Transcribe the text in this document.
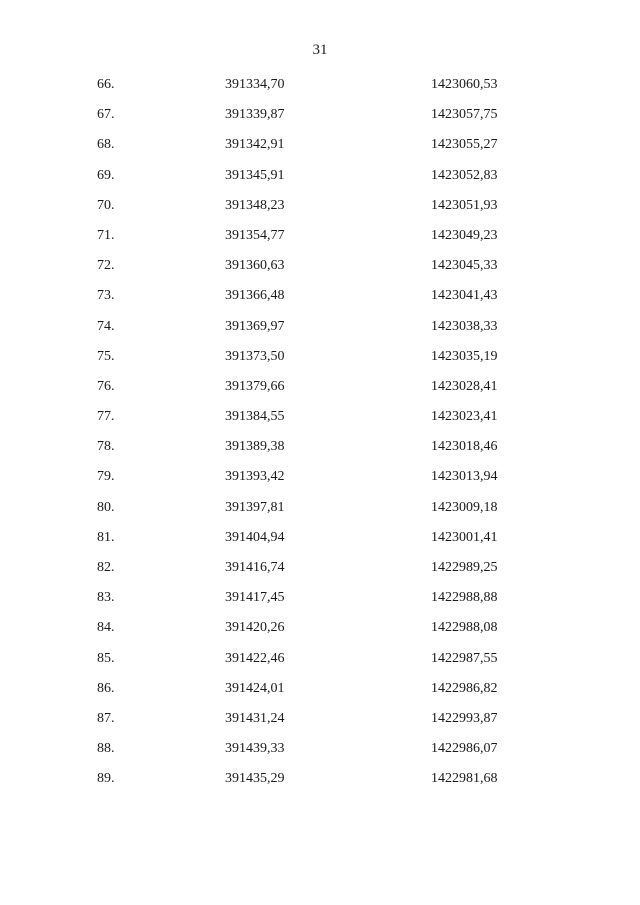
31
66.	391334,70	1423060,53
67.	391339,87	1423057,75
68.	391342,91	1423055,27
69.	391345,91	1423052,83
70.	391348,23	1423051,93
71.	391354,77	1423049,23
72.	391360,63	1423045,33
73.	391366,48	1423041,43
74.	391369,97	1423038,33
75.	391373,50	1423035,19
76.	391379,66	1423028,41
77.	391384,55	1423023,41
78.	391389,38	1423018,46
79.	391393,42	1423013,94
80.	391397,81	1423009,18
81.	391404,94	1423001,41
82.	391416,74	1422989,25
83.	391417,45	1422988,88
84.	391420,26	1422988,08
85.	391422,46	1422987,55
86.	391424,01	1422986,82
87.	391431,24	1422993,87
88.	391439,33	1422986,07
89.	391435,29	1422981,68
